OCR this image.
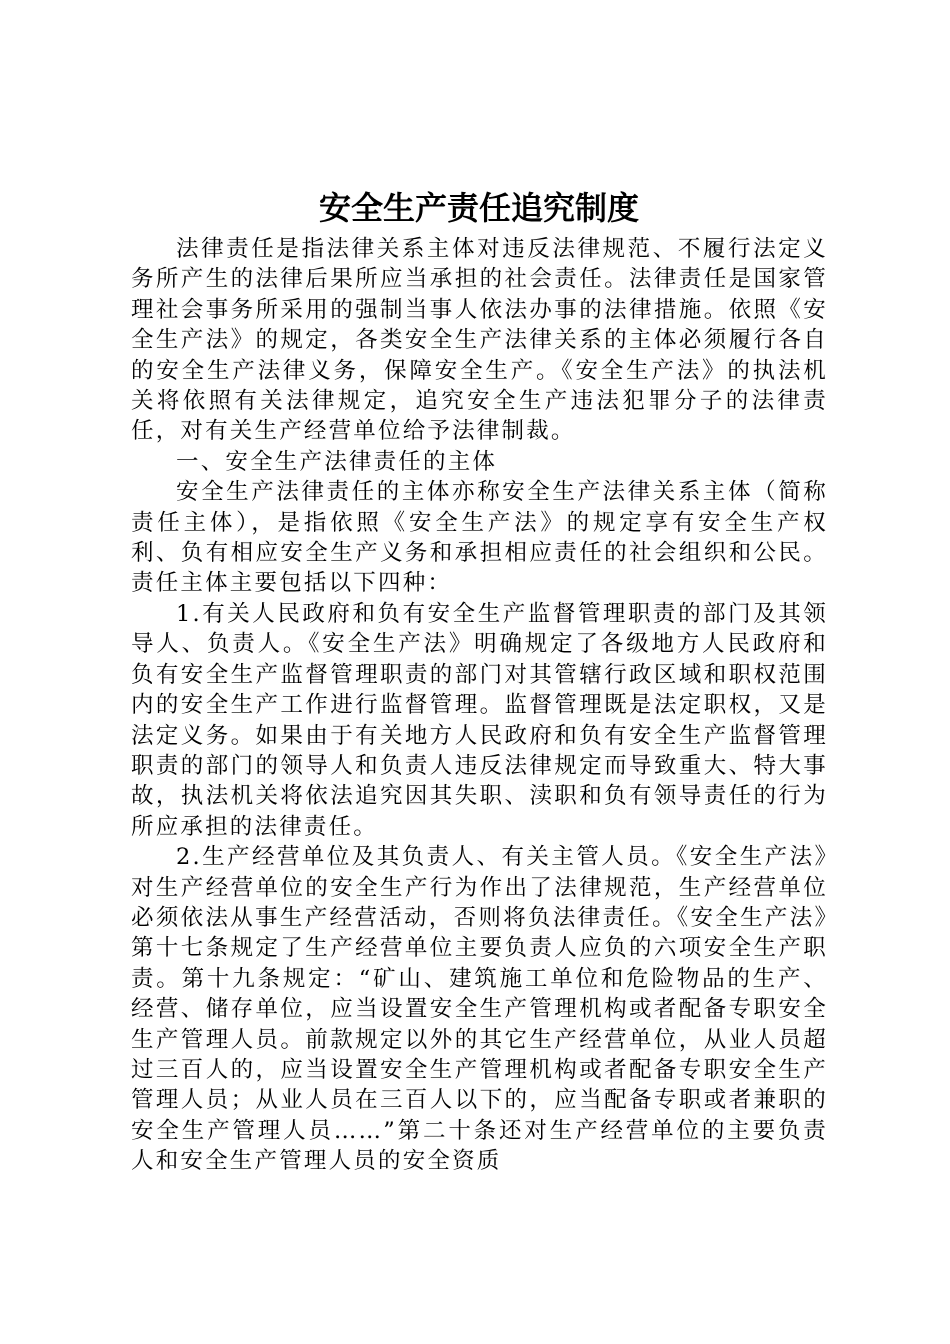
安全生产责任追究制度

法律责任是指法律关系主体对违反法律规范、不履行法定义务所产生的法律后果所应当承担的社会责任。法律责任是国家管理社会事务所采用的强制当事人依法办事的法律措施。依照《安全生产法》的规定，各类安全生产法律关系的主体必须履行各自的安全生产法律义务，保障安全生产。《安全生产法》的执法机关将依照有关法律规定，追究安全生产违法犯罪分子的法律责任，对有关生产经营单位给予法律制裁。

一、安全生产法律责任的主体

安全生产法律责任的主体亦称安全生产法律关系主体（简称责任主体），是指依照《安全生产法》的规定享有安全生产权利、负有相应安全生产义务和承担相应责任的社会组织和公民。责任主体主要包括以下四种：

1.有关人民政府和负有安全生产监督管理职责的部门及其领导人、负责人。《安全生产法》明确规定了各级地方人民政府和负有安全生产监督管理职责的部门对其管辖行政区域和职权范围内的安全生产工作进行监督管理。监督管理既是法定职权，又是法定义务。如果由于有关地方人民政府和负有安全生产监督管理职责的部门的领导人和负责人违反法律规定而导致重大、特大事故，执法机关将依法追究因其失职、渎职和负有领导责任的行为所应承担的法律责任。

2.生产经营单位及其负责人、有关主管人员。《安全生产法》对生产经营单位的安全生产行为作出了法律规范，生产经营单位必须依法从事生产经营活动，否则将负法律责任。《安全生产法》第十七条规定了生产经营单位主要负责人应负的六项安全生产职责。第十九条规定：“矿山、建筑施工单位和危险物品的生产、经营、储存单位，应当设置安全生产管理机构或者配备专职安全生产管理人员。前款规定以外的其它生产经营单位，从业人员超过三百人的，应当设置安全生产管理机构或者配备专职安全生产管理人员；从业人员在三百人以下的，应当配备专职或者兼职的安全生产管理人员……”第二十条还对生产经营单位的主要负责人和安全生产管理人员的安全资质
